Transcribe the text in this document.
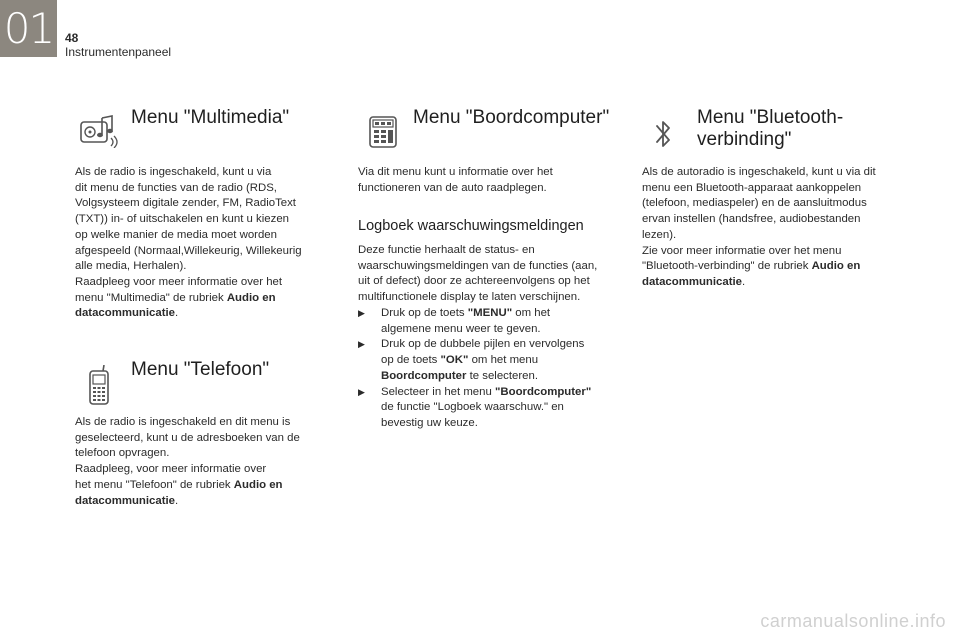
01 48
Instrumentenpaneel
Menu "Multimedia"
Als de radio is ingeschakeld, kunt u via
dit menu de functies van de radio (RDS,
Volgsysteem digitale zender, FM, RadioText
(TXT)) in- of uitschakelen en kunt u kiezen
op welke manier de media moet worden
afgespeeld (Normaal,Willekeurig, Willekeurig
alle media, Herhalen).
Raadpleeg voor meer informatie over het
menu "Multimedia" de rubriek Audio en
datacommunicatie.
Menu "Telefoon"
Als de radio is ingeschakeld en dit menu is
geselecteerd, kunt u de adresboeken van de
telefoon opvragen.
Raadpleeg, voor meer informatie over
het menu "Telefoon" de rubriek Audio en
datacommunicatie.
Menu "Boordcomputer"
Via dit menu kunt u informatie over het
functioneren van de auto raadplegen.
Logboek waarschuwingsmeldingen
Deze functie herhaalt de status- en
waarschuwingsmeldingen van de functies (aan,
uit of defect) door ze achtereenvolgens op het
multifunctionele display te laten verschijnen.
▶ Druk op de toets "MENU" om het
algemene menu weer te geven.
▶ Druk op de dubbele pijlen en vervolgens
op de toets "OK" om het menu
Boordcomputer te selecteren.
▶ Selecteer in het menu "Boordcomputer"
de functie "Logboek waarschuw." en
bevestig uw keuze.
Menu "Bluetooth-
verbinding"
Als de autoradio is ingeschakeld, kunt u via dit
menu een Bluetooth-apparaat aankoppelen
(telefoon, mediaspeler) en de aansluitmodus
ervan instellen (handsfree, audiobestanden
lezen).
Zie voor meer informatie over het menu
"Bluetooth-verbinding" de rubriek Audio en
datacommunicatie.
carmanualsonline.info
